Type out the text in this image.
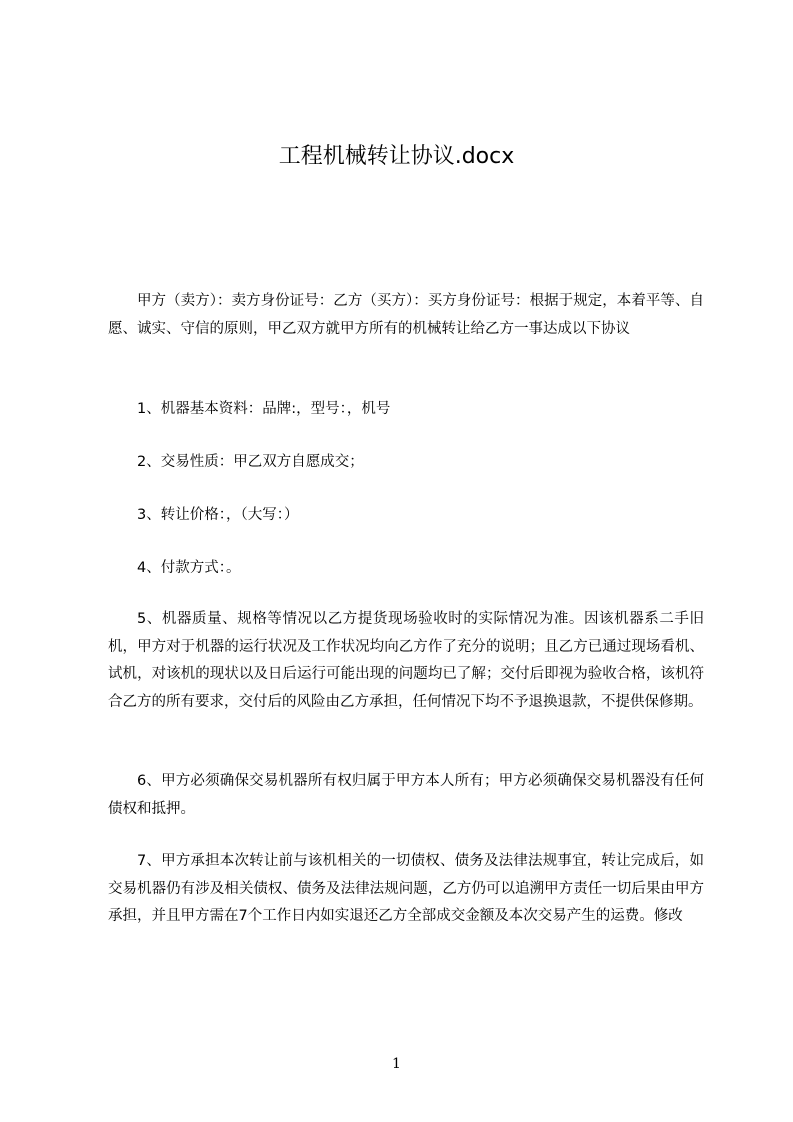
工程机械转让协议.docx

甲方（卖方）：卖方身份证号：乙方（买方）：买方身份证号：根据于规定，本着平等、自愿、诚实、守信的原则，甲乙双方就甲方所有的机械转让给乙方一事达成以下协议

1、机器基本资料：品牌:，型号：，机号

2、交易性质：甲乙双方自愿成交；

3、转让价格：，（大写：）

4、付款方式：。

5、机器质量、规格等情况以乙方提货现场验收时的实际情况为准。因该机器系二手旧机，甲方对于机器的运行状况及工作状况均向乙方作了充分的说明；且乙方已通过现场看机、试机，对该机的现状以及日后运行可能出现的问题均已了解；交付后即视为验收合格，该机符合乙方的所有要求，交付后的风险由乙方承担，任何情况下均不予退换退款，不提供保修期。

6、甲方必须确保交易机器所有权归属于甲方本人所有；甲方必须确保交易机器没有任何债权和抵押。

7、甲方承担本次转让前与该机相关的一切债权、债务及法律法规事宜，转让完成后，如交易机器仍有涉及相关债权、债务及法律法规问题，乙方仍可以追溯甲方责任一切后果由甲方承担，并且甲方需在7个工作日内如实退还乙方全部成交金额及本次交易产生的运费。修改

1
